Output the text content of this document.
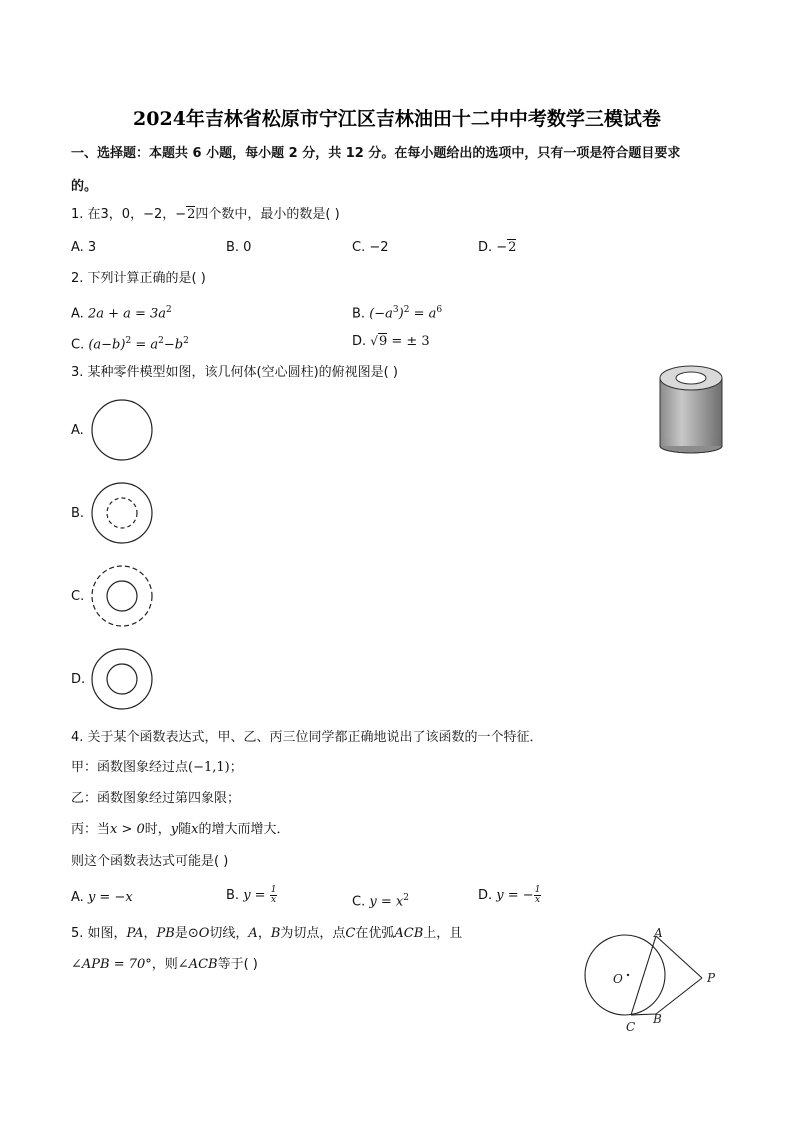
2024年吉林省松原市宁江区吉林油田十二中中考数学三模试卷
一、选择题：本题共 6 小题，每小题 2 分，共 12 分。在每小题给出的选项中，只有一项是符合题目要求
的。
1. 在3，0，−2，−2四个数中，最小的数是( )
A. 3	B. 0	C. −2	D. −2
2. 下列计算正确的是( )
A. $2a + a = 3a^2$	B. $(-a^3)^2 = a^6$
C. $(a-b)^2 = a^2-b^2$	D. √9 = ± 3
3. 某种零件模型如图，该几何体(空心圆柱)的俯视图是( )
A.
B.
C.
D.
4. 关于某个函数表达式，甲、乙、丙三位同学都正确地说出了该函数的一个特征．
甲：函数图象经过点(−1,1)；
乙：函数图象经过第四象限；
丙：当x > 0时，y随x的增大而增大．
则这个函数表达式可能是( )
A. y = −x	B. $y = \frac{1}{x}$	C. $y = x^2$	D. y = − $\frac{1}{x}$
5. 如图，PA，PB是⊙O切线，A，B为切点，点C在优弧ACB上，且
∠APB = 70°，则∠ACB等于( )
A
P
O
B
C
